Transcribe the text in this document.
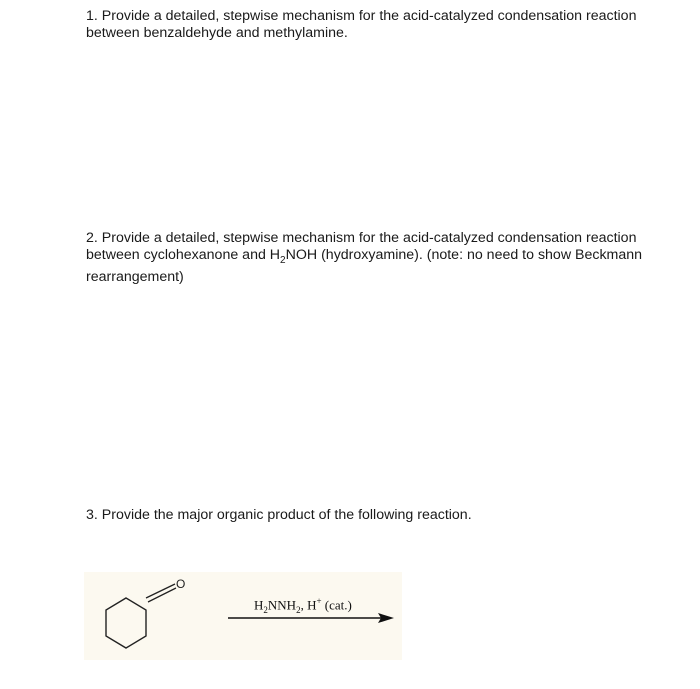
1. Provide a detailed, stepwise mechanism for the acid-catalyzed condensation reaction between benzaldehyde and methylamine.

2. Provide a detailed, stepwise mechanism for the acid-catalyzed condensation reaction between cyclohexanone and $H_2NOH$ (hydroxyamine). (note: no need to show Beckmann rearrangement)

3. Provide the major organic product of the following reaction.

O
$H_2NNH_2$, H+ (cat.)
